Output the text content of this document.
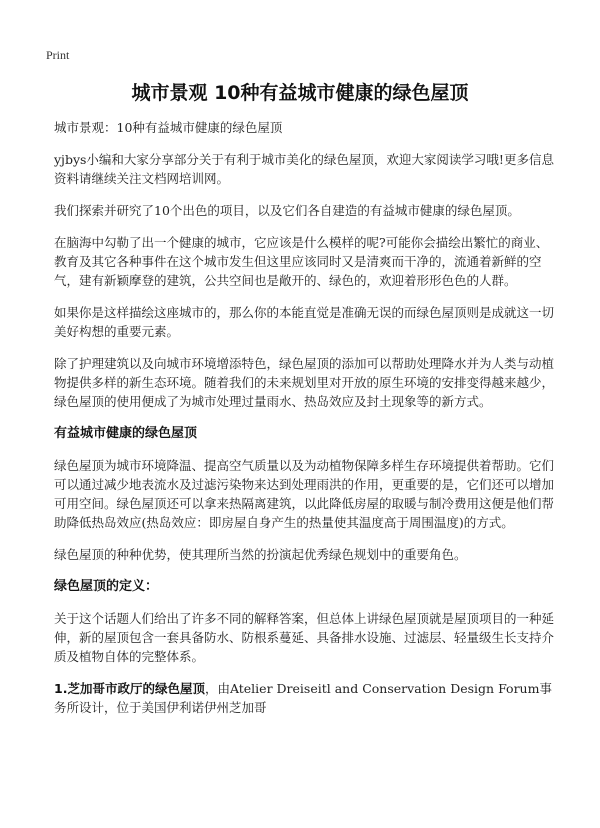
Print
城市景观 10种有益城市健康的绿色屋顶

城市景观：10种有益城市健康的绿色屋顶

yjbys小编和大家分享部分关于有利于城市美化的绿色屋顶，欢迎大家阅读学习哦!更多信息资料请继续关注文档网培训网。

我们探索并研究了10个出色的项目，以及它们各自建造的有益城市健康的绿色屋顶。

在脑海中勾勒了出一个健康的城市，它应该是什么模样的呢?可能你会描绘出繁忙的商业、教育及其它各种事件在这个城市发生但这里应该同时又是清爽而干净的，流通着新鲜的空气，建有新颖摩登的建筑，公共空间也是敞开的、绿色的，欢迎着形形色色的人群。

如果你是这样描绘这座城市的，那么你的本能直觉是准确无误的而绿色屋顶则是成就这一切美好构想的重要元素。

除了护理建筑以及向城市环境增添特色，绿色屋顶的添加可以帮助处理降水并为人类与动植物提供多样的新生态环境。随着我们的未来规划里对开放的原生环境的安排变得越来越少，绿色屋顶的使用便成了为城市处理过量雨水、热岛效应及封土现象等的新方式。

有益城市健康的绿色屋顶

绿色屋顶为城市环境降温、提高空气质量以及为动植物保障多样生存环境提供着帮助。它们可以通过减少地表流水及过滤污染物来达到处理雨洪的作用，更重要的是，它们还可以增加可用空间。绿色屋顶还可以拿来热隔离建筑，以此降低房屋的取暖与制冷费用这便是他们帮助降低热岛效应(热岛效应：即房屋自身产生的热量使其温度高于周围温度)的方式。

绿色屋顶的种种优势，使其理所当然的扮演起优秀绿色规划中的重要角色。

绿色屋顶的定义：

关于这个话题人们给出了许多不同的解释答案，但总体上讲绿色屋顶就是屋顶项目的一种延伸，新的屋顶包含一套具备防水、防根系蔓延、具备排水设施、过滤层、轻量级生长支持介质及植物自体的完整体系。

1.芝加哥市政厅的绿色屋顶，由Atelier Dreiseitl and Conservation Design Forum事务所设计，位于美国伊利诺伊州芝加哥
